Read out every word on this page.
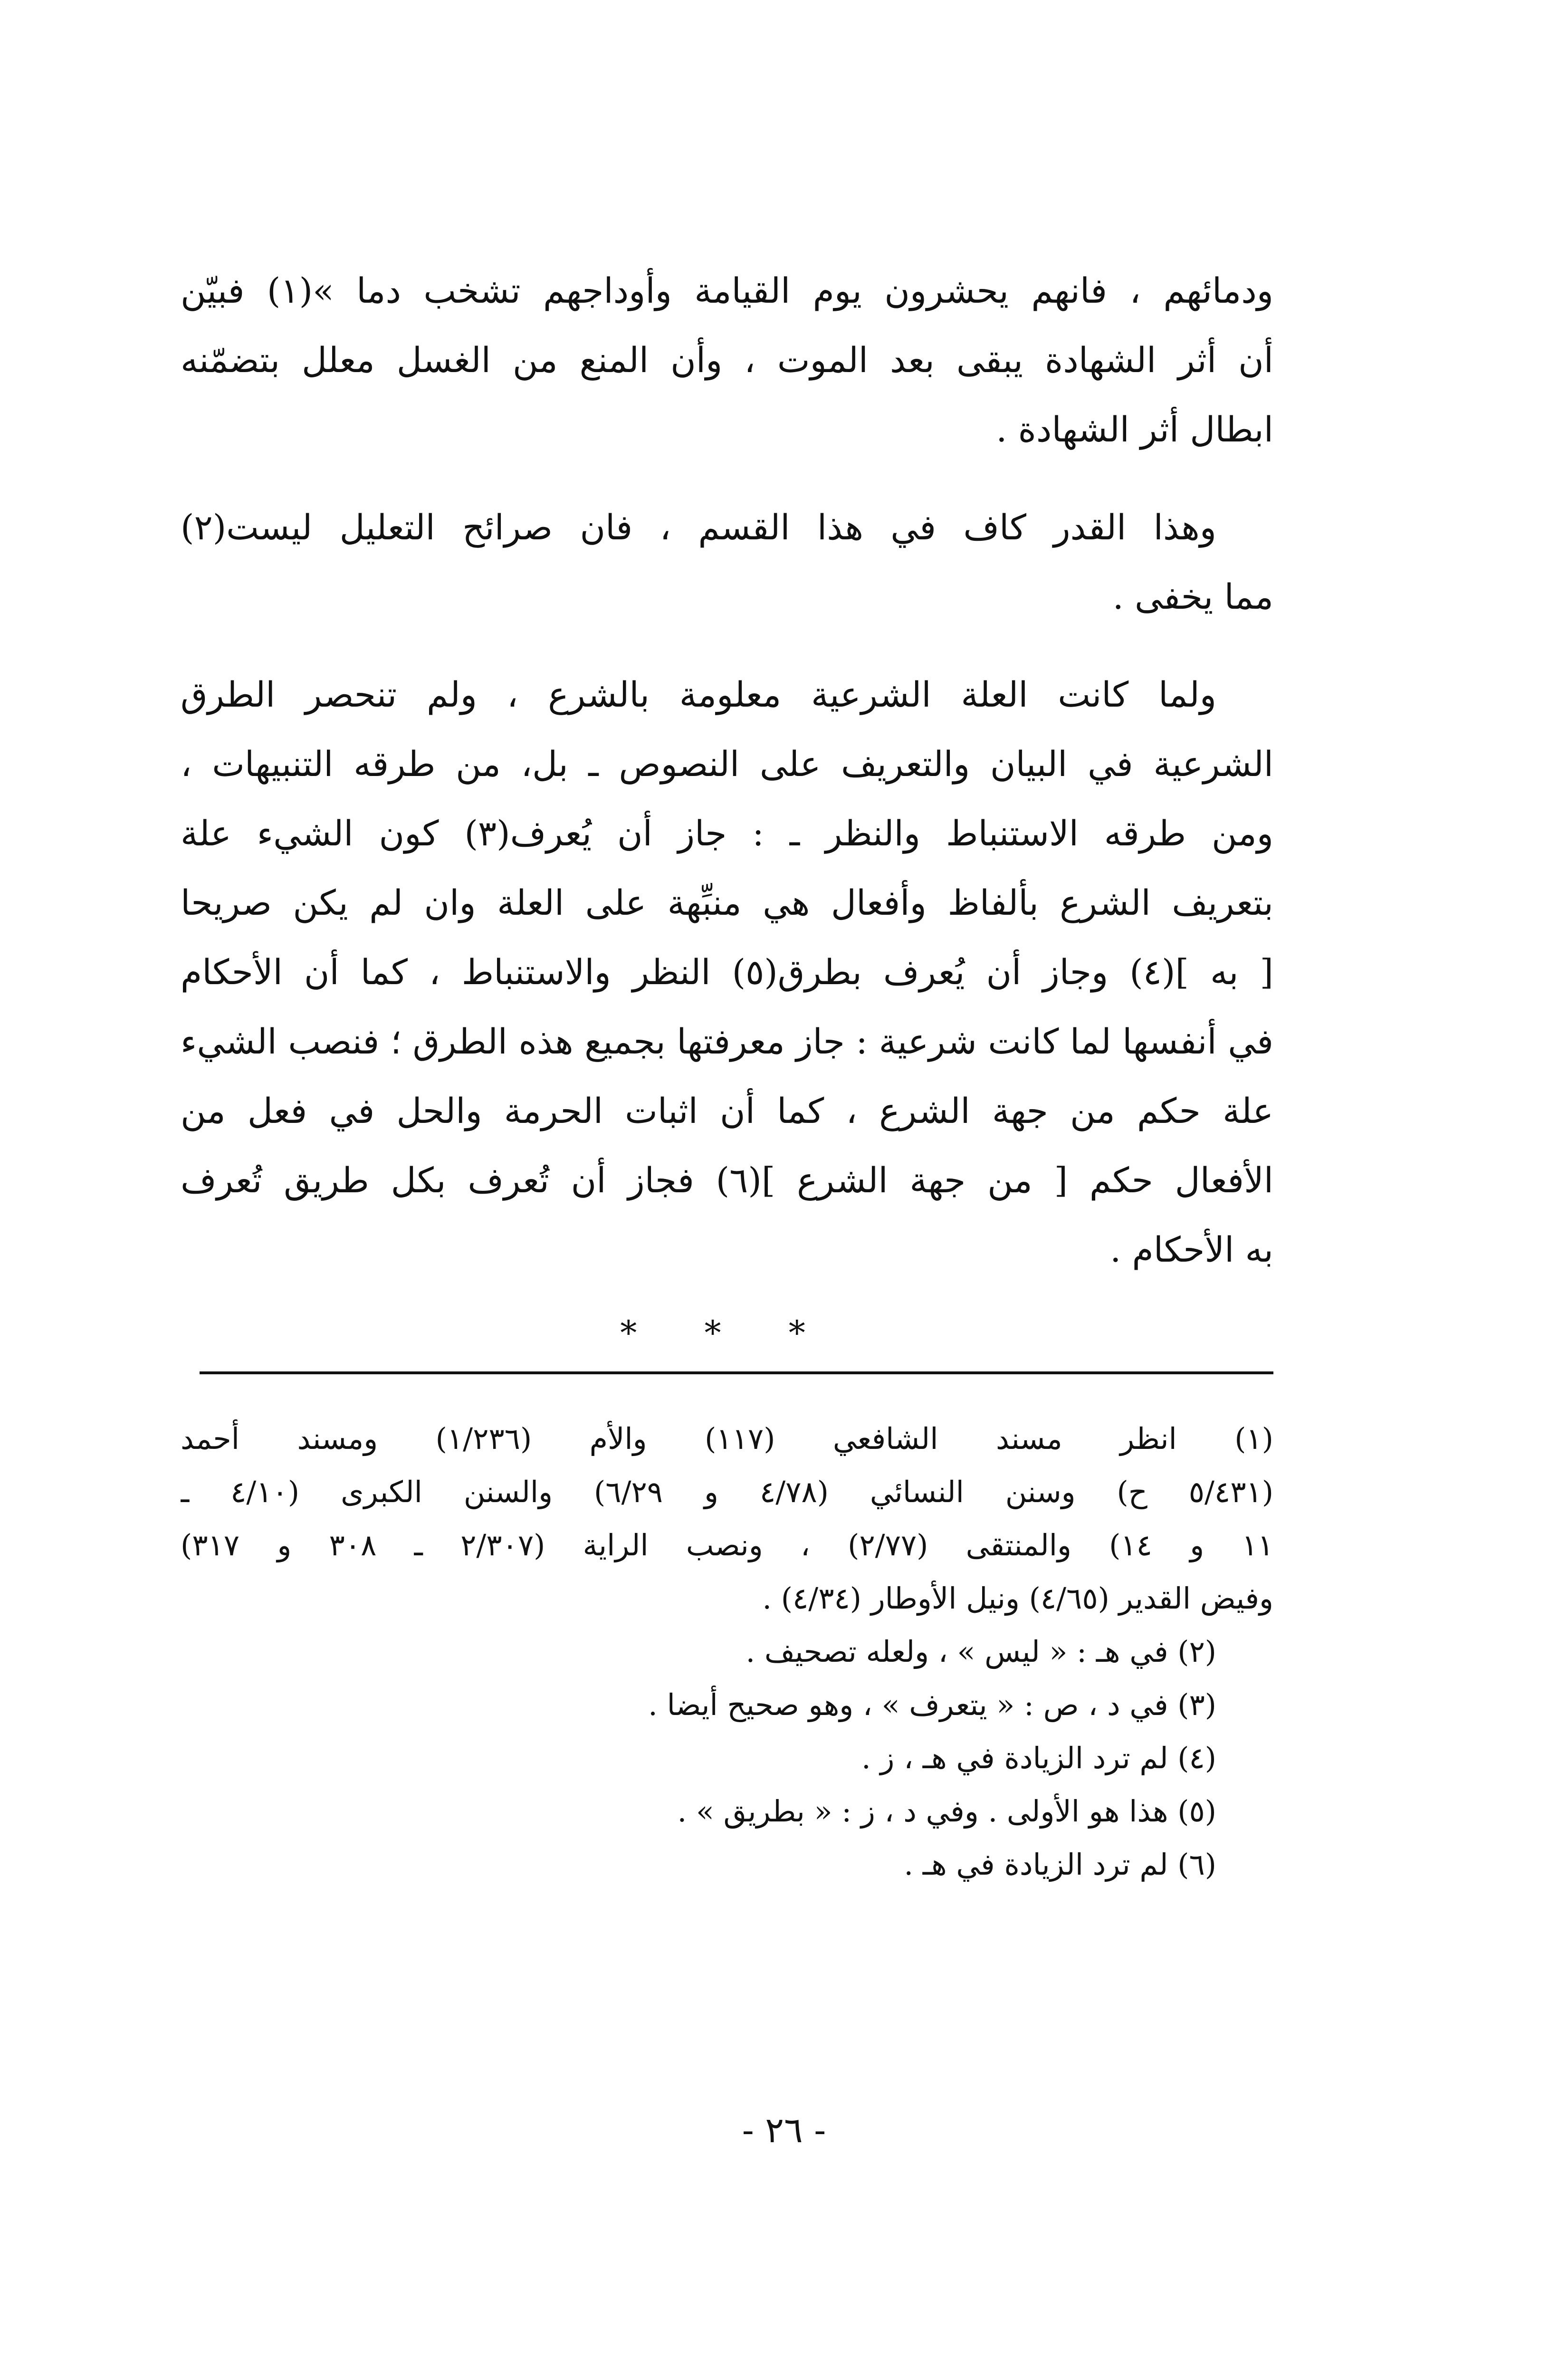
ودمائهم ، فانهم يحشرون يوم القيامة وأوداجهم تشخب دما »(١) فبيّن
أن أثر الشهادة يبقى بعد الموت ، وأن المنع من الغسل معلل بتضمّنه
ابطال أثر الشهادة .
وهذا القدر كاف في هذا القسم ، فان صرائح التعليل ليست(٢)
مما يخفى .
ولما كانت العلة الشرعية معلومة بالشرع ، ولم تنحصر الطرق
الشرعية في البيان والتعريف على النصوص ـ بل، من طرقه التنبيهات ،
ومن طرقه الاستنباط والنظر ـ : جاز أن يُعرف(٣) كون الشيء علة
بتعريف الشرع بألفاظ وأفعال هي منبِّهة على العلة وان لم يكن صريحا
[ به ](٤) وجاز أن يُعرف بطرق(٥) النظر والاستنباط ، كما أن الأحكام
في أنفسها لما كانت شرعية : جاز معرفتها بجميع هذه الطرق ؛ فنصب الشيء
علة حكم من جهة الشرع ، كما أن اثبات الحرمة والحل في فعل من
الأفعال حكم [ من جهة الشرع ](٦) فجاز أن تُعرف بكل طريق تُعرف
به الأحكام .
* * *
(١) انظر مسند الشافعي (١١٧) والأم (١/٢٣٦) ومسند أحمد
(٥/٤٣١ ح) وسنن النسائي (٤/٧٨ و ٦/٢٩) والسنن الكبرى (٤/١٠ ـ
١١ و ١٤) والمنتقى (٢/٧٧) ، ونصب الراية (٢/٣٠٧ ـ ٣٠٨ و ٣١٧)
وفيض القدير (٤/٦٥) ونيل الأوطار (٤/٣٤) .
(٢) في هـ : « ليس » ، ولعله تصحيف .
(٣) في د ، ص : « يتعرف » ، وهو صحيح أيضا .
(٤) لم ترد الزيادة في هـ ، ز .
(٥) هذا هو الأولى . وفي د ، ز : « بطريق » .
(٦) لم ترد الزيادة في هـ .
- ٢٦ -
